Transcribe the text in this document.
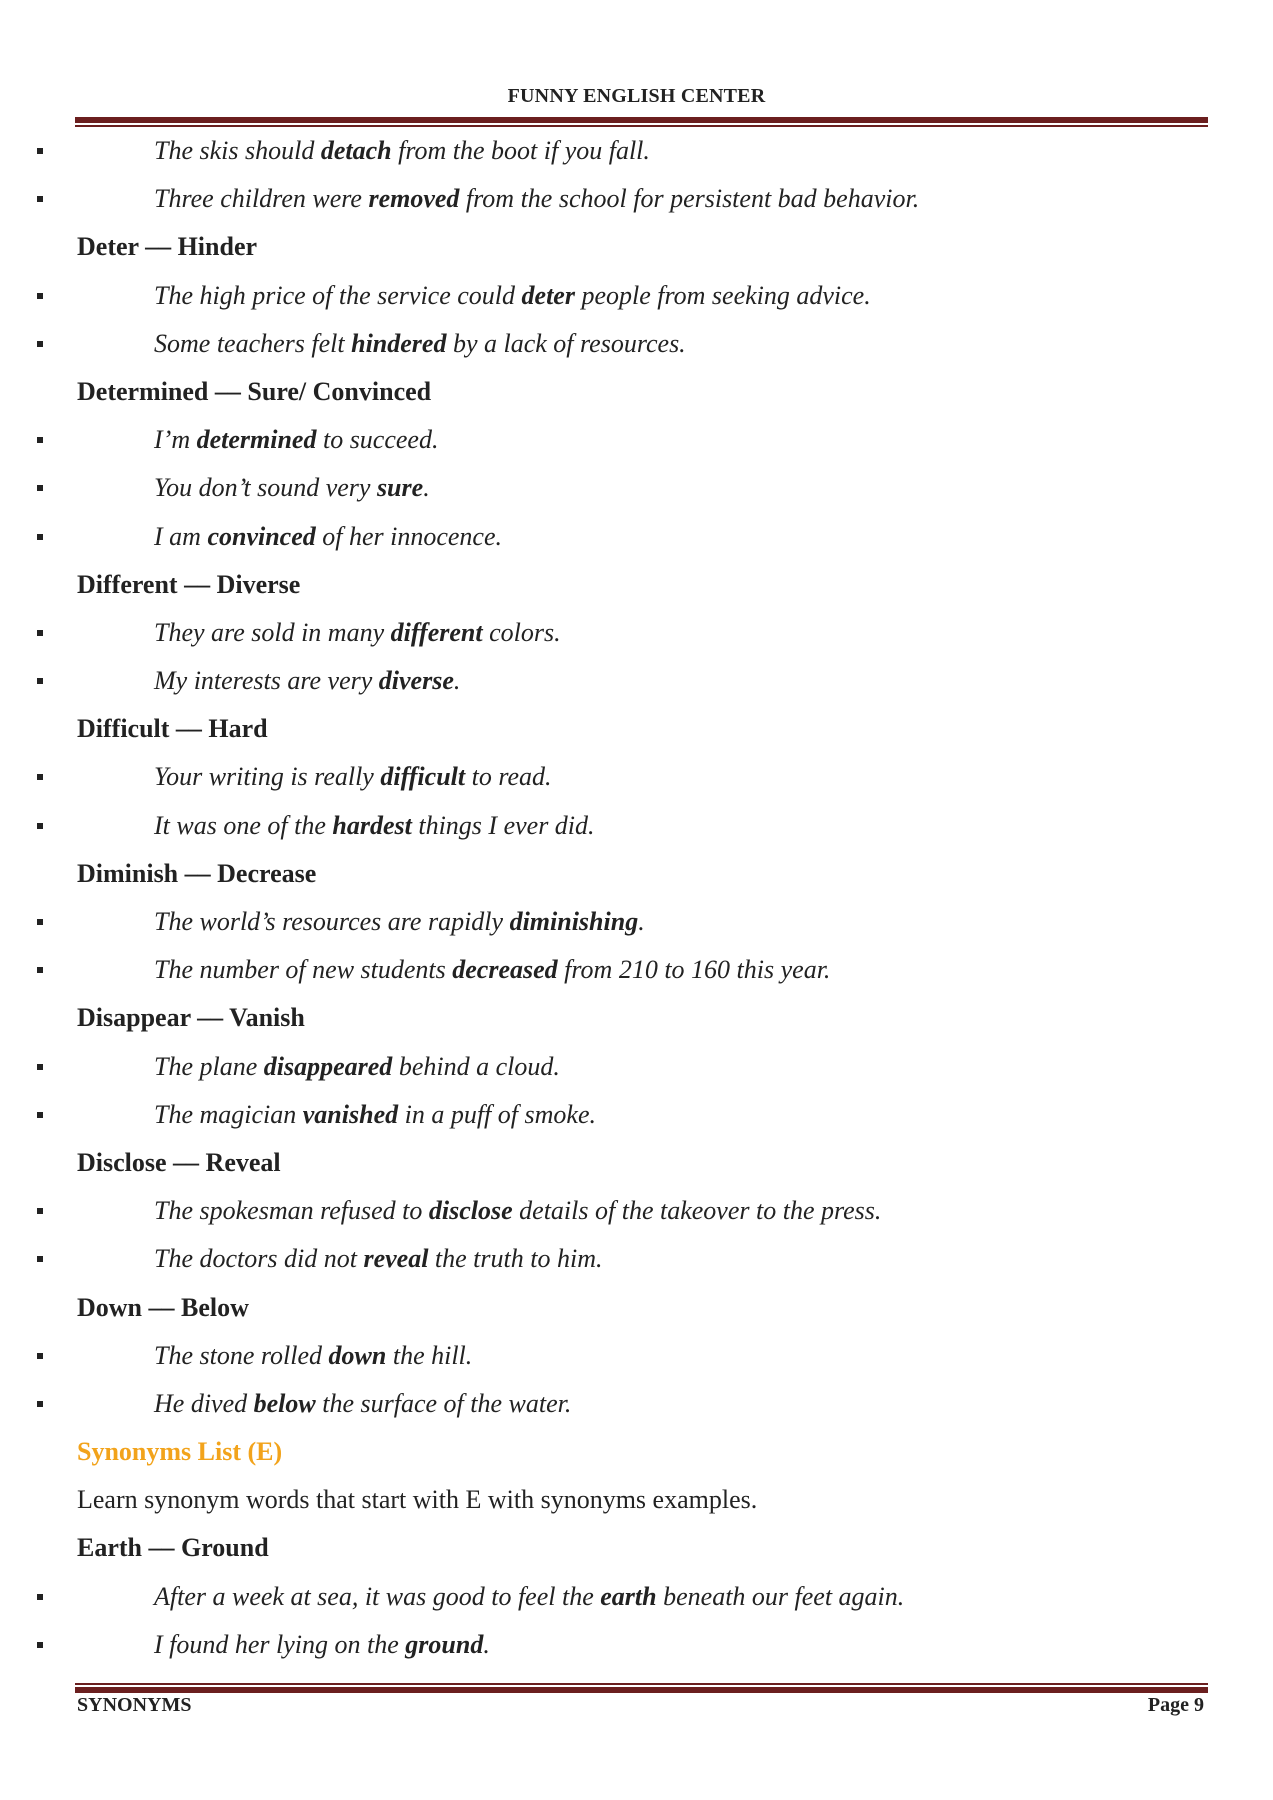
FUNNY ENGLISH CENTER
The skis should detach from the boot if you fall.
Three children were removed from the school for persistent bad behavior.
Deter –– Hinder
The high price of the service could deter people from seeking advice.
Some teachers felt hindered by a lack of resources.
Determined –– Sure/ Convinced
I’m determined to succeed.
You don’t sound very sure.
I am convinced of her innocence.
Different –– Diverse
They are sold in many different colors.
My interests are very diverse.
Difficult –– Hard
Your writing is really difficult to read.
It was one of the hardest things I ever did.
Diminish –– Decrease
The world’s resources are rapidly diminishing.
The number of new students decreased from 210 to 160 this year.
Disappear –– Vanish
The plane disappeared behind a cloud.
The magician vanished in a puff of smoke.
Disclose –– Reveal
The spokesman refused to disclose details of the takeover to the press.
The doctors did not reveal the truth to him.
Down –– Below
The stone rolled down the hill.
He dived below the surface of the water.
Synonyms List (E)
Learn synonym words that start with E with synonyms examples.
Earth –– Ground
After a week at sea, it was good to feel the earth beneath our feet again.
I found her lying on the ground.
SYNONYMS	Page 9
